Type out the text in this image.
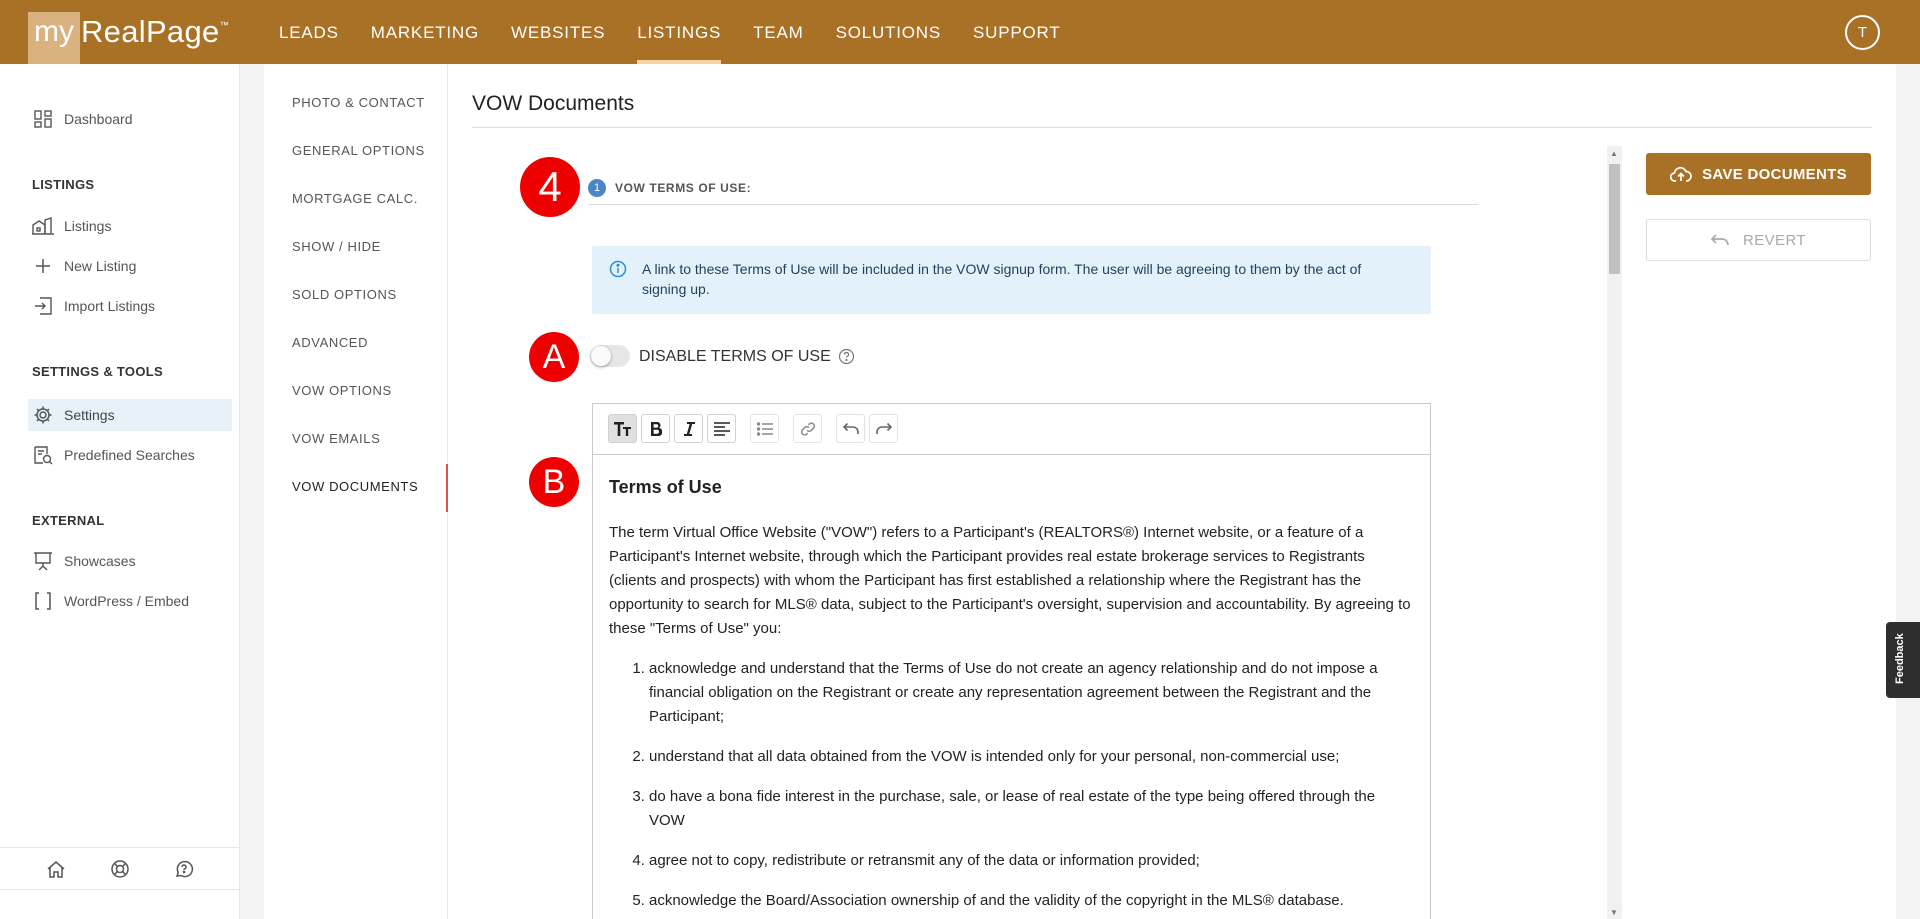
my RealPage ™	LEADS	MARKETING	WEBSITES	LISTINGS	TEAM	SOLUTIONS	SUPPORT	T
Dashboard
LISTINGS
Listings
New Listing
Import Listings
SETTINGS & TOOLS
Settings
Predefined Searches
EXTERNAL
Showcases
WordPress / Embed
PHOTO & CONTACT
GENERAL OPTIONS
MORTGAGE CALC.
SHOW / HIDE
SOLD OPTIONS
ADVANCED
VOW OPTIONS
VOW EMAILS
VOW DOCUMENTS
VOW Documents
4
A
B
1	VOW TERMS OF USE:
A link to these Terms of Use will be included in the VOW signup form. The user will be agreeing to them by the act of signing up.
DISABLE TERMS OF USE
Terms of Use
The term Virtual Office Website ("VOW") refers to a Participant's (REALTORS®) Internet website, or a feature of a Participant's Internet website, through which the Participant provides real estate brokerage services to Registrants (clients and prospects) with whom the Participant has first established a relationship where the Registrant has the opportunity to search for MLS® data, subject to the Participant's oversight, supervision and accountability. By agreeing to these "Terms of Use" you:
1. acknowledge and understand that the Terms of Use do not create an agency relationship and do not impose a financial obligation on the Registrant or create any representation agreement between the Registrant and the Participant;
2. understand that all data obtained from the VOW is intended only for your personal, non-commercial use;
3. do have a bona fide interest in the purchase, sale, or lease of real estate of the type being offered through the VOW
4. agree not to copy, redistribute or retransmit any of the data or information provided;
5. acknowledge the Board/Association ownership of and the validity of the copyright in the MLS® database.
▲
▼
SAVE DOCUMENTS
REVERT
Feedback
